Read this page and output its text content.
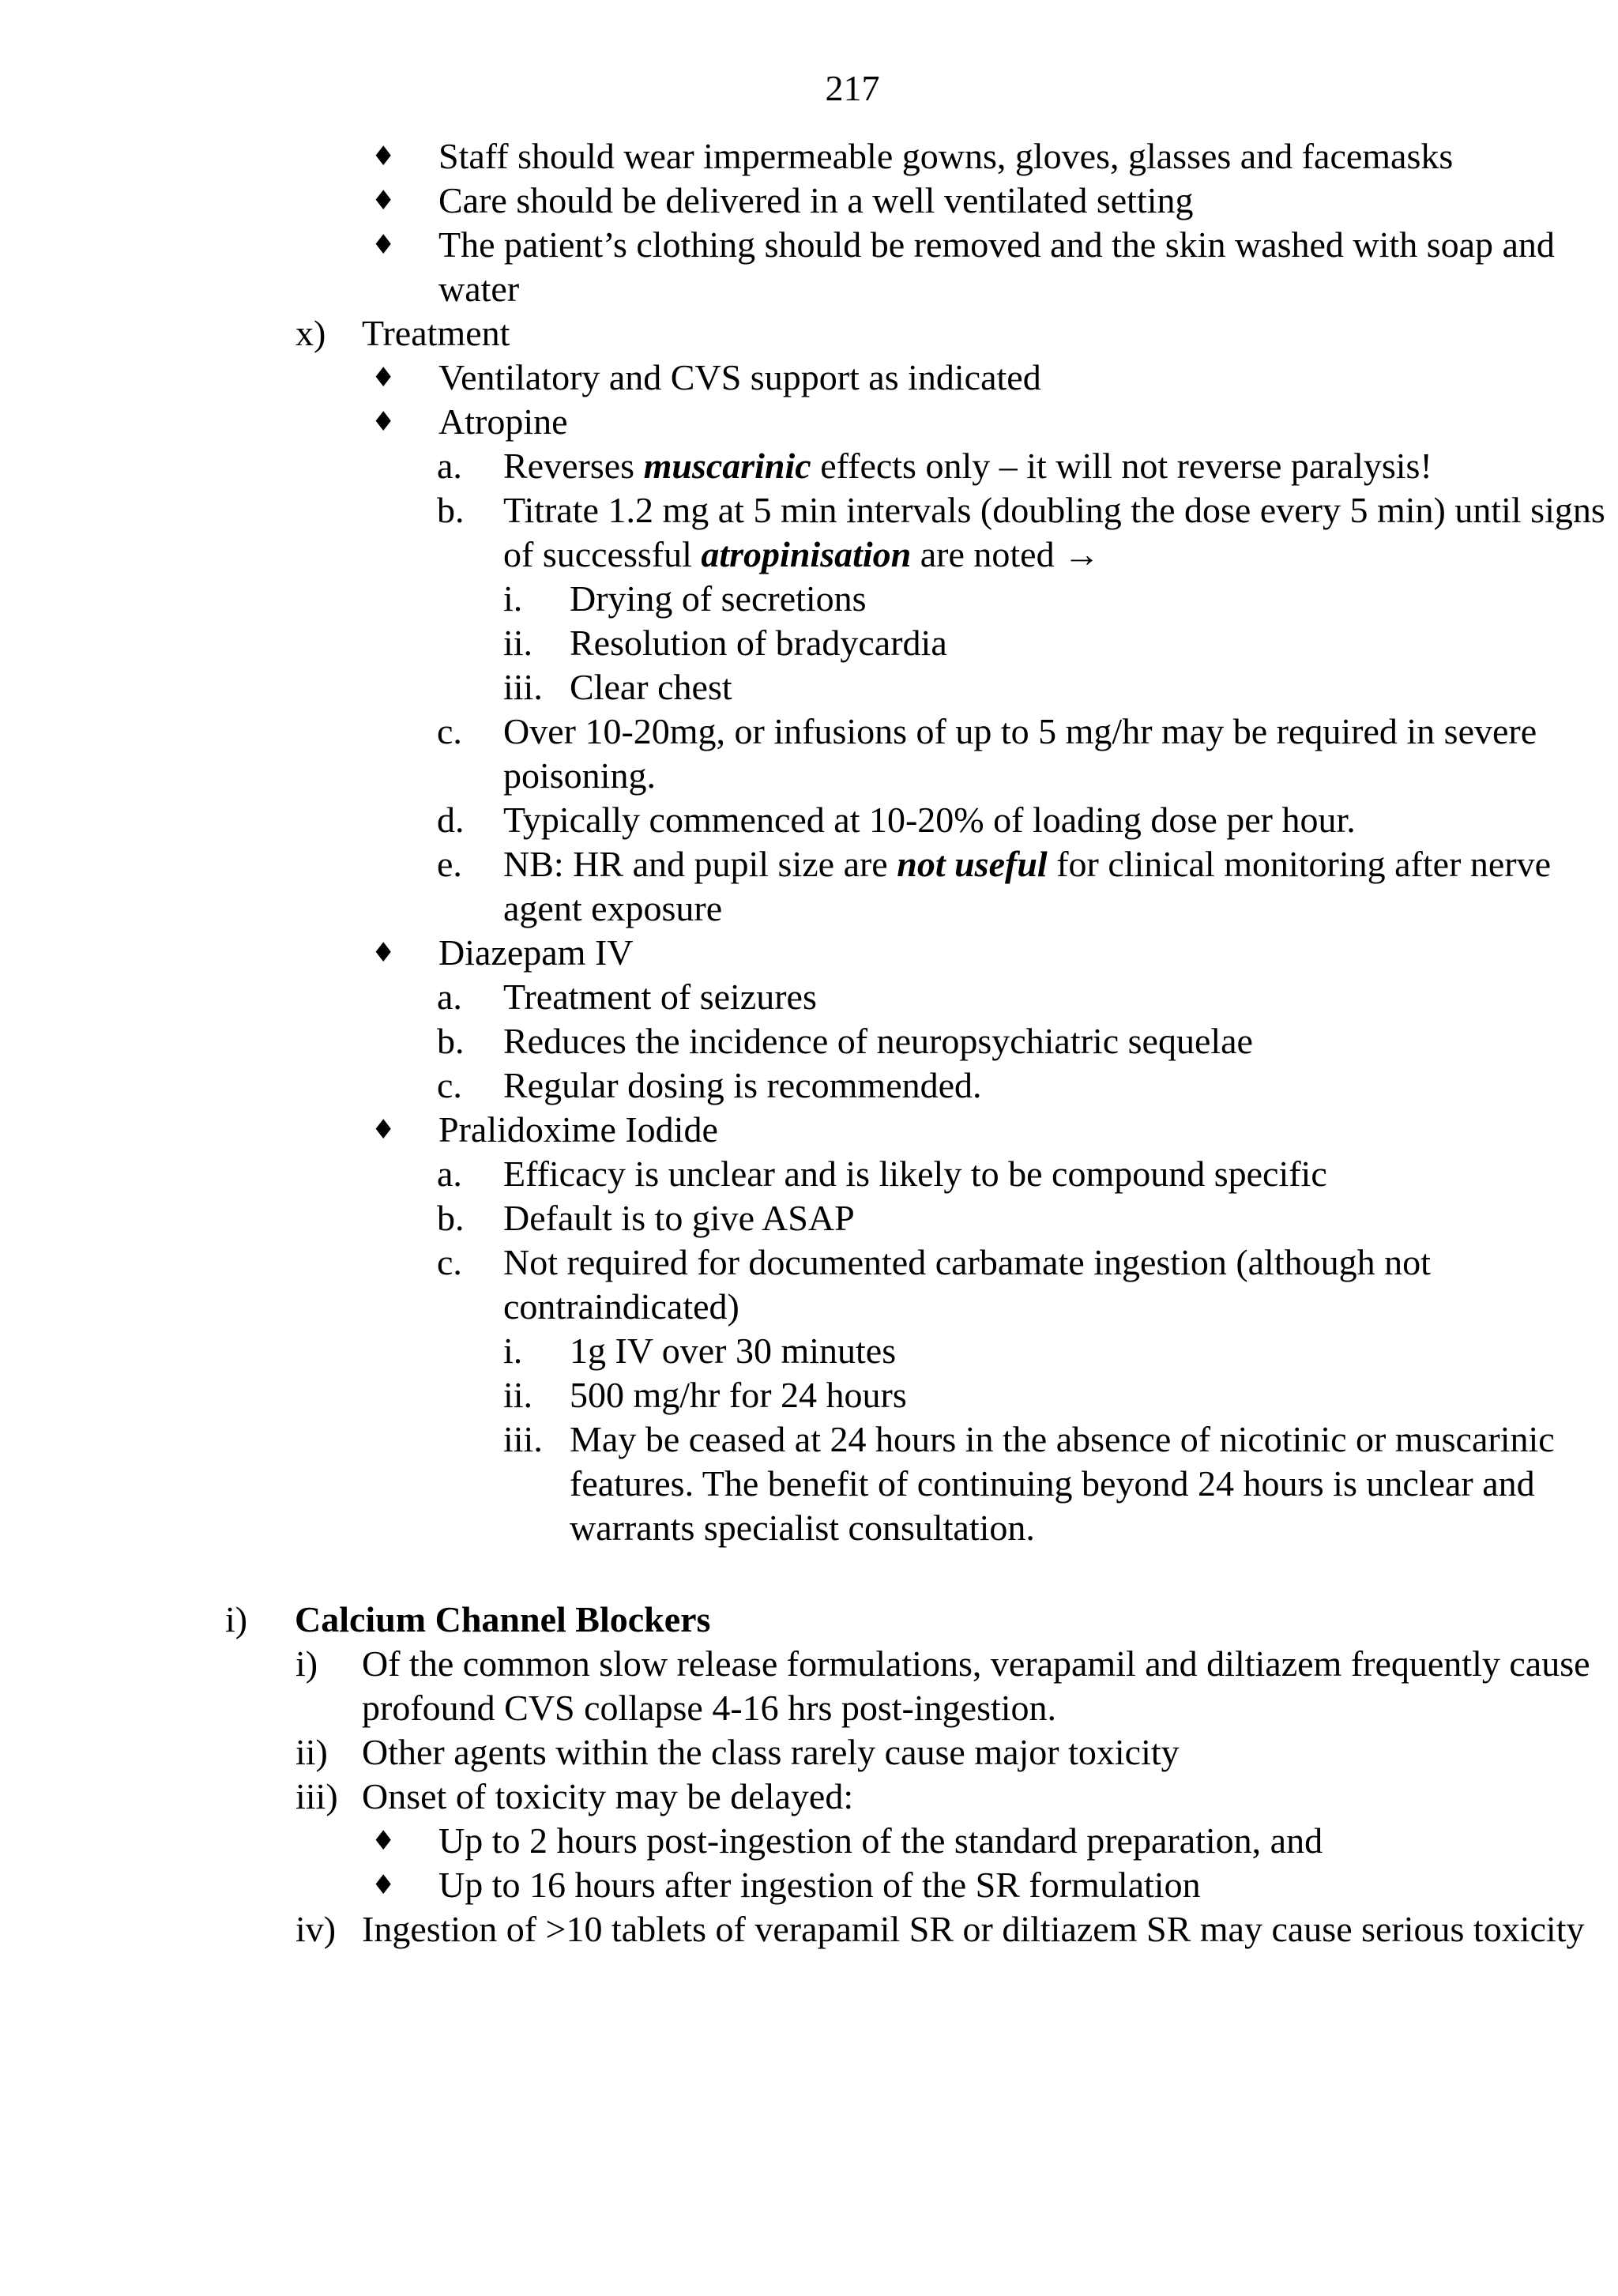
217
♦	Staff should wear impermeable gowns, gloves, glasses and facemasks
♦	Care should be delivered in a well ventilated setting
♦	The patient’s clothing should be removed and the skin washed with soap and water
x) Treatment
♦	Ventilatory and CVS support as indicated
♦	Atropine
a.	Reverses muscarinic effects only – it will not reverse paralysis!
b.	Titrate 1.2 mg at 5 min intervals (doubling the dose every 5 min) until signs of successful atropinisation are noted →
i.	Drying of secretions
ii.	Resolution of bradycardia
iii. Clear chest
c.	Over 10-20mg, or infusions of up to 5 mg/hr may be required in severe poisoning.
d.	Typically commenced at 10-20% of loading dose per hour.
e.	NB: HR and pupil size are not useful for clinical monitoring after nerve agent exposure
♦	Diazepam IV
a.	Treatment of seizures
b.	Reduces the incidence of neuropsychiatric sequelae
c.	Regular dosing is recommended.
♦	Pralidoxime Iodide
a.	Efficacy is unclear and is likely to be compound specific
b.	Default is to give ASAP
c.	Not required for documented carbamate ingestion (although not contraindicated)
i.	1g IV over 30 minutes
ii.	500 mg/hr for 24 hours
iii. May be ceased at 24 hours in the absence of nicotinic or muscarinic features. The benefit of continuing beyond 24 hours is unclear and warrants specialist consultation.
i)	Calcium Channel Blockers
i)	Of the common slow release formulations, verapamil and diltiazem frequently cause profound CVS collapse 4-16 hrs post-ingestion.
ii) Other agents within the class rarely cause major toxicity
iii) Onset of toxicity may be delayed:
♦	Up to 2 hours post-ingestion of the standard preparation, and
♦	Up to 16 hours after ingestion of the SR formulation
iv) Ingestion of >10 tablets of verapamil SR or diltiazem SR may cause serious toxicity
